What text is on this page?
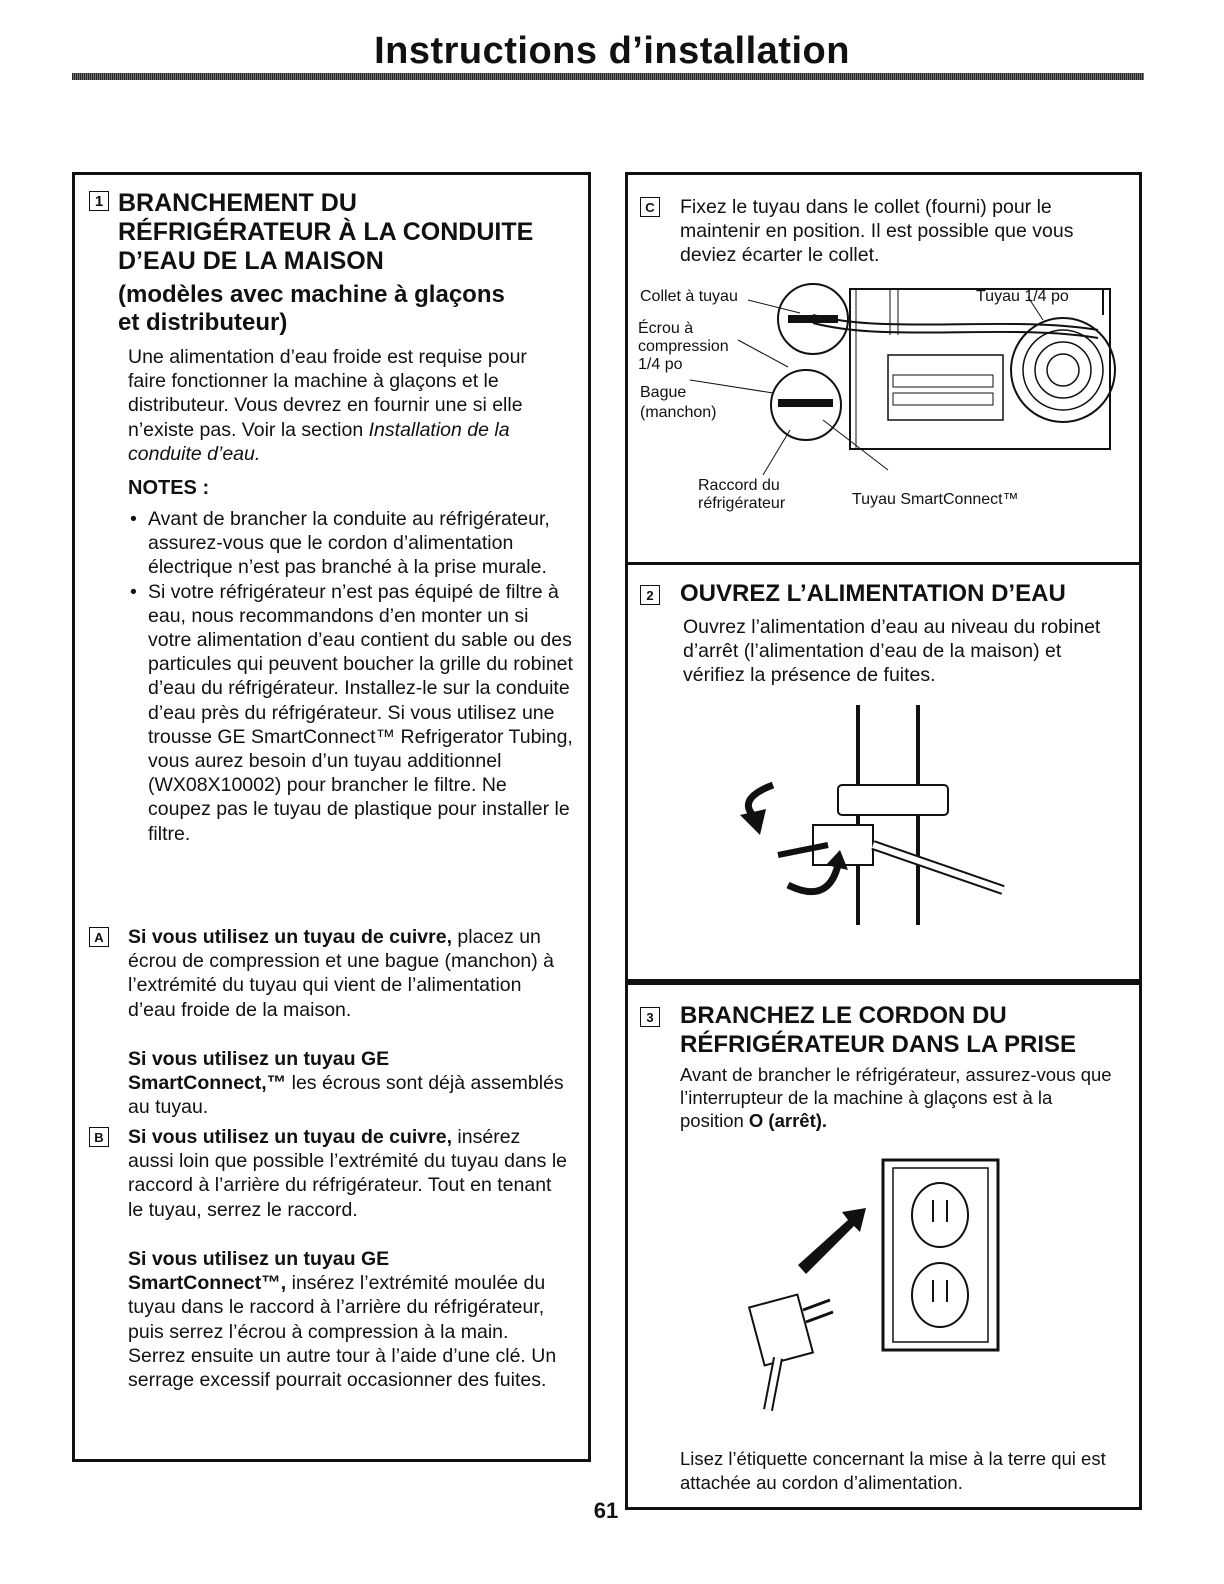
Instructions d’installation
1 BRANCHEMENT DU
RÉFRIGÉRATEUR À LA CONDUITE
D’EAU DE LA MAISON
(modèles avec machine à glaçons
et distributeur)
Une alimentation d’eau froide est requise pour faire fonctionner la machine à glaçons et le distributeur. Vous devrez en fournir une si elle n’existe pas. Voir la section Installation de la conduite d’eau.
NOTES :
• Avant de brancher la conduite au réfrigérateur, assurez-vous que le cordon d’alimentation électrique n’est pas branché à la prise murale.
• Si votre réfrigérateur n’est pas équipé de filtre à eau, nous recommandons d’en monter un si votre alimentation d’eau contient du sable ou des particules qui peuvent boucher la grille du robinet d’eau du réfrigérateur. Installez-le sur la conduite d’eau près du réfrigérateur. Si vous utilisez une trousse GE SmartConnect™ Refrigerator Tubing, vous aurez besoin d’un tuyau additionnel (WX08X10002) pour brancher le filtre. Ne coupez pas le tuyau de plastique pour installer le filtre.
A Si vous utilisez un tuyau de cuivre, placez un écrou de compression et une bague (manchon) à l’extrémité du tuyau qui vient de l’alimentation d’eau froide de la maison.
Si vous utilisez un tuyau GE
SmartConnect,™ les écrous sont déjà assemblés au tuyau.
B Si vous utilisez un tuyau de cuivre, insérez aussi loin que possible l’extrémité du tuyau dans le raccord à l’arrière du réfrigérateur. Tout en tenant le tuyau, serrez le raccord.
Si vous utilisez un tuyau GE
SmartConnect™, insérez l’extrémité moulée du tuyau dans le raccord à l’arrière du réfrigérateur, puis serrez l’écrou à compression à la main. Serrez ensuite un autre tour à l’aide d’une clé. Un serrage excessif pourrait occasionner des fuites.
C Fixez le tuyau dans le collet (fourni) pour le maintenir en position. Il est possible que vous deviez écarter le collet.
Collet à tuyau
Écrou à
compression
1/4 po
Bague
(manchon)
Raccord du
réfrigérateur
Tuyau 1/4 po
Tuyau SmartConnect™
2 OUVREZ L’ALIMENTATION D’EAU
Ouvrez l’alimentation d’eau au niveau du robinet d’arrêt (l’alimentation d’eau de la maison) et vérifiez la présence de fuites.
3 BRANCHEZ LE CORDON DU
RÉFRIGÉRATEUR DANS LA PRISE
Avant de brancher le réfrigérateur, assurez-vous que l’interrupteur de la machine à glaçons est à la position O (arrêt).
Lisez l’étiquette concernant la mise à la terre qui est attachée au cordon d’alimentation.
61
